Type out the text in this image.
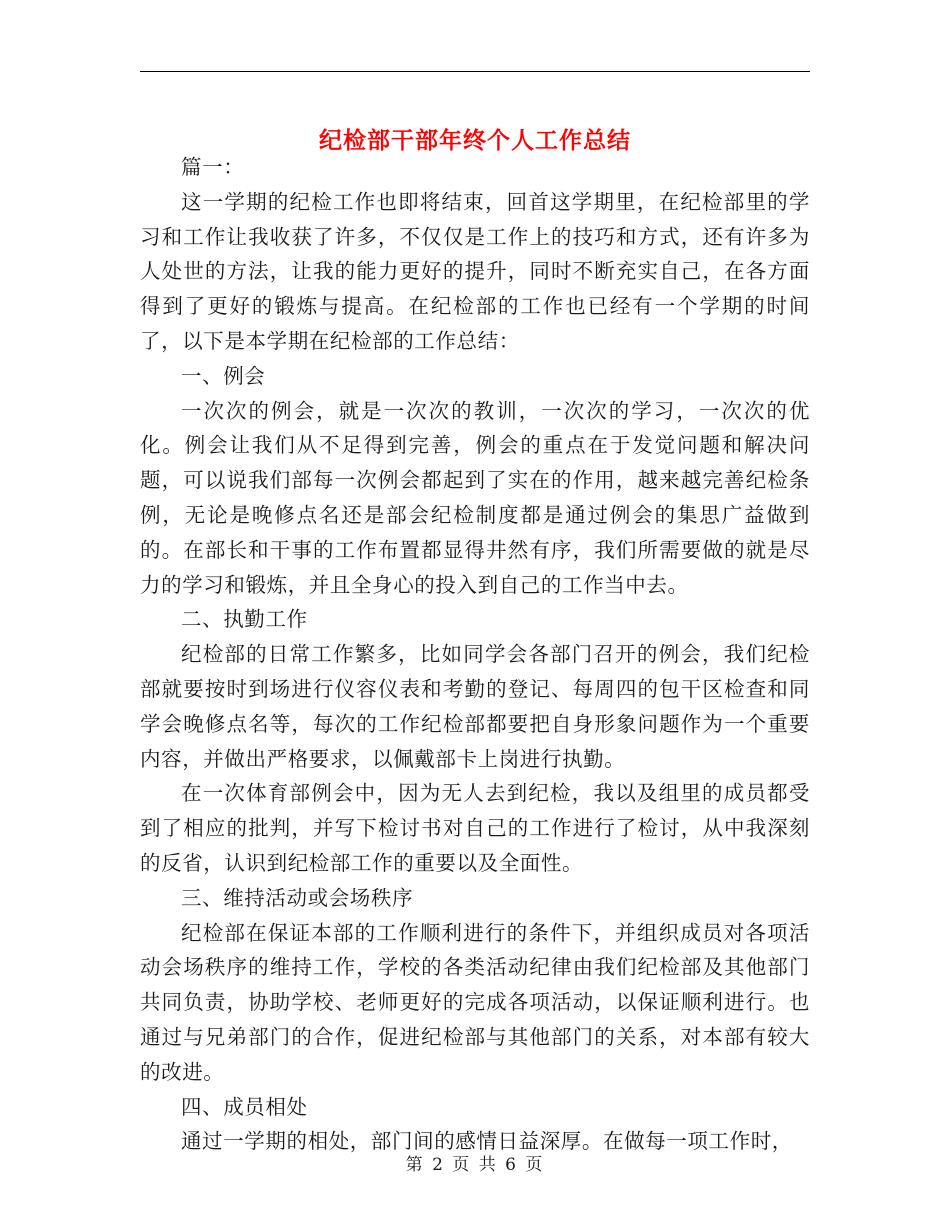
纪检部干部年终个人工作总结

篇一：

这一学期的纪检工作也即将结束，回首这学期里，在纪检部里的学习和工作让我收获了许多，不仅仅是工作上的技巧和方式，还有许多为人处世的方法，让我的能力更好的提升，同时不断充实自己，在各方面得到了更好的锻炼与提高。在纪检部的工作也已经有一个学期的时间了，以下是本学期在纪检部的工作总结：

一、例会

一次次的例会，就是一次次的教训，一次次的学习，一次次的优化。例会让我们从不足得到完善，例会的重点在于发觉问题和解决问题，可以说我们部每一次例会都起到了实在的作用，越来越完善纪检条例，无论是晚修点名还是部会纪检制度都是通过例会的集思广益做到的。在部长和干事的工作布置都显得井然有序，我们所需要做的就是尽力的学习和锻炼，并且全身心的投入到自己的工作当中去。

二、执勤工作

纪检部的日常工作繁多，比如同学会各部门召开的例会，我们纪检部就要按时到场进行仪容仪表和考勤的登记、每周四的包干区检查和同学会晚修点名等，每次的工作纪检部都要把自身形象问题作为一个重要内容，并做出严格要求，以佩戴部卡上岗进行执勤。

在一次体育部例会中，因为无人去到纪检，我以及组里的成员都受到了相应的批判，并写下检讨书对自己的工作进行了检讨，从中我深刻的反省，认识到纪检部工作的重要以及全面性。

三、维持活动或会场秩序

纪检部在保证本部的工作顺利进行的条件下，并组织成员对各项活动会场秩序的维持工作，学校的各类活动纪律由我们纪检部及其他部门共同负责，协助学校、老师更好的完成各项活动，以保证顺利进行。也通过与兄弟部门的合作，促进纪检部与其他部门的关系，对本部有较大的改进。

四、成员相处

通过一学期的相处，部门间的感情日益深厚。在做每一项工作时，

第 2 页 共 6 页
